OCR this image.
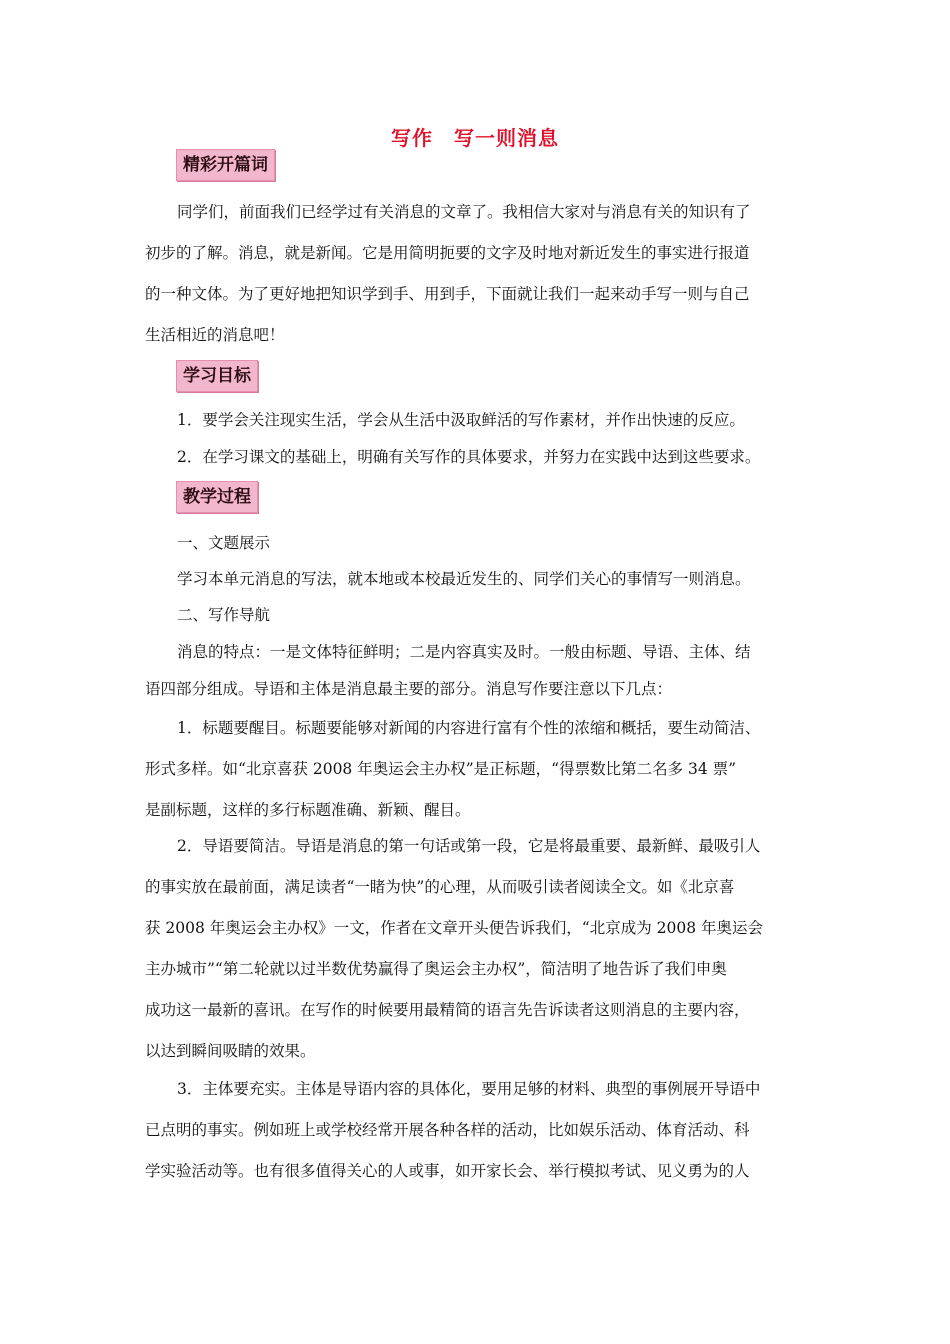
写作　写一则消息
精彩开篇词
同学们，前面我们已经学过有关消息的文章了。我相信大家对与消息有关的知识有了
初步的了解。消息，就是新闻。它是用简明扼要的文字及时地对新近发生的事实进行报道
的一种文体。为了更好地把知识学到手、用到手，下面就让我们一起来动手写一则与自己
生活相近的消息吧！
学习目标
1．要学会关注现实生活，学会从生活中汲取鲜活的写作素材，并作出快速的反应。
2．在学习课文的基础上，明确有关写作的具体要求，并努力在实践中达到这些要求。
教学过程
一、文题展示
学习本单元消息的写法，就本地或本校最近发生的、同学们关心的事情写一则消息。
二、写作导航
消息的特点：一是文体特征鲜明；二是内容真实及时。一般由标题、导语、主体、结
语四部分组成。导语和主体是消息最主要的部分。消息写作要注意以下几点：
1．标题要醒目。标题要能够对新闻的内容进行富有个性的浓缩和概括，要生动简洁、
形式多样。如“北京喜获 2008 年奥运会主办权”是正标题，“得票数比第二名多 34 票”
是副标题，这样的多行标题准确、新颖、醒目。
2．导语要简洁。导语是消息的第一句话或第一段，它是将最重要、最新鲜、最吸引人
的事实放在最前面，满足读者“一睹为快”的心理，从而吸引读者阅读全文。如《北京喜
获 2008 年奥运会主办权》一文，作者在文章开头便告诉我们，“北京成为 2008 年奥运会
主办城市”“第二轮就以过半数优势赢得了奥运会主办权”，简洁明了地告诉了我们申奥
成功这一最新的喜讯。在写作的时候要用最精简的语言先告诉读者这则消息的主要内容，
以达到瞬间吸睛的效果。
3．主体要充实。主体是导语内容的具体化，要用足够的材料、典型的事例展开导语中
已点明的事实。例如班上或学校经常开展各种各样的活动，比如娱乐活动、体育活动、科
学实验活动等。也有很多值得关心的人或事，如开家长会、举行模拟考试、见义勇为的人
